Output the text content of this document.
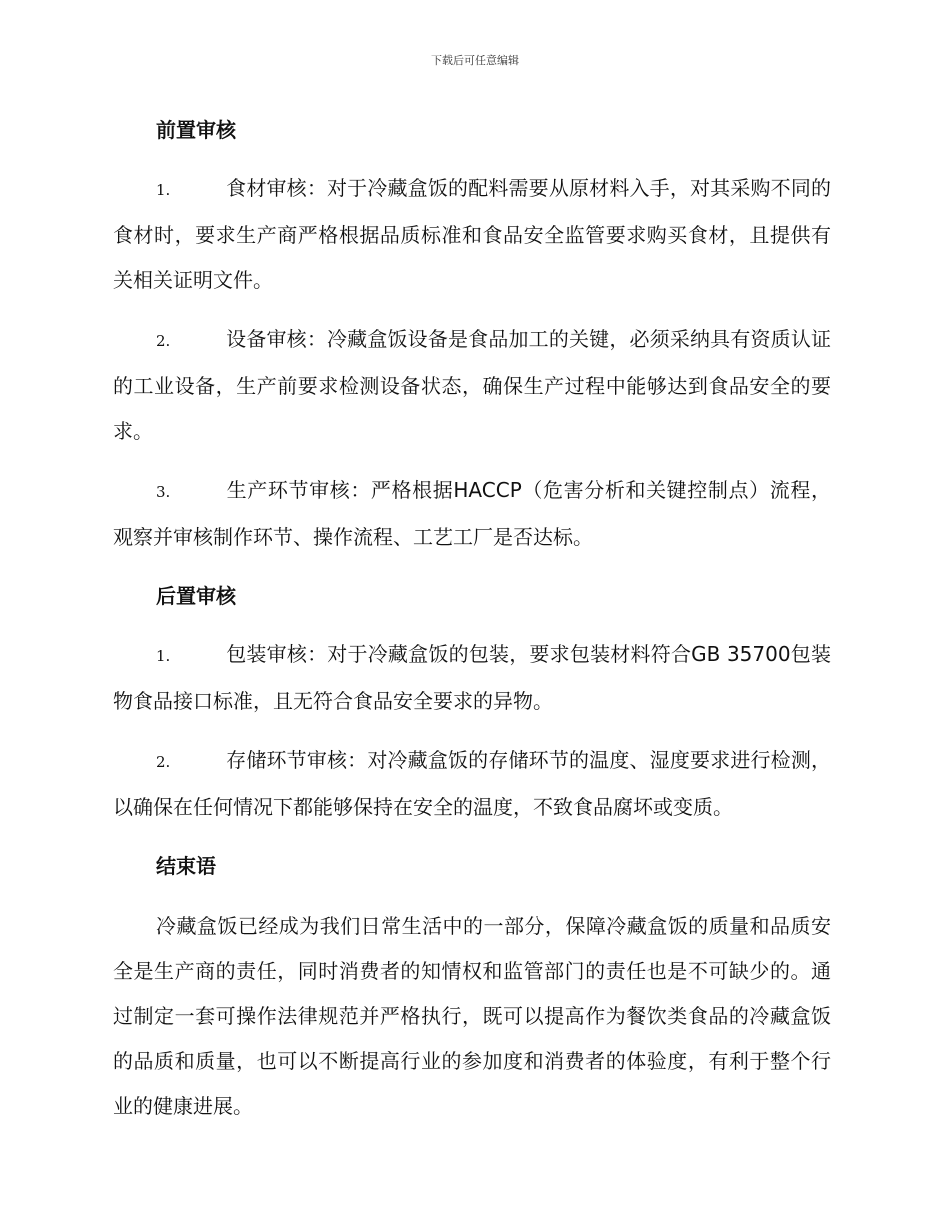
下载后可任意编辑
前置审核

1.	食材审核：对于冷藏盒饭的配料需要从原材料入手，对其采购不同的食材时，要求生产商严格根据品质标准和食品安全监管要求购买食材，且提供有关相关证明文件。

2.	设备审核：冷藏盒饭设备是食品加工的关键，必须采纳具有资质认证的工业设备，生产前要求检测设备状态，确保生产过程中能够达到食品安全的要求。

3.	生产环节审核：严格根据HACCP（危害分析和关键控制点）流程，观察并审核制作环节、操作流程、工艺工厂是否达标。

后置审核

1.	包装审核：对于冷藏盒饭的包装，要求包装材料符合GB 35700包装物食品接口标准，且无符合食品安全要求的异物。

2.	存储环节审核：对冷藏盒饭的存储环节的温度、湿度要求进行检测，以确保在任何情况下都能够保持在安全的温度，不致食品腐坏或变质。

结束语

冷藏盒饭已经成为我们日常生活中的一部分，保障冷藏盒饭的质量和品质安全是生产商的责任，同时消费者的知情权和监管部门的责任也是不可缺少的。通过制定一套可操作法律规范并严格执行，既可以提高作为餐饮类食品的冷藏盒饭的品质和质量，也可以不断提高行业的参加度和消费者的体验度，有利于整个行业的健康进展。
